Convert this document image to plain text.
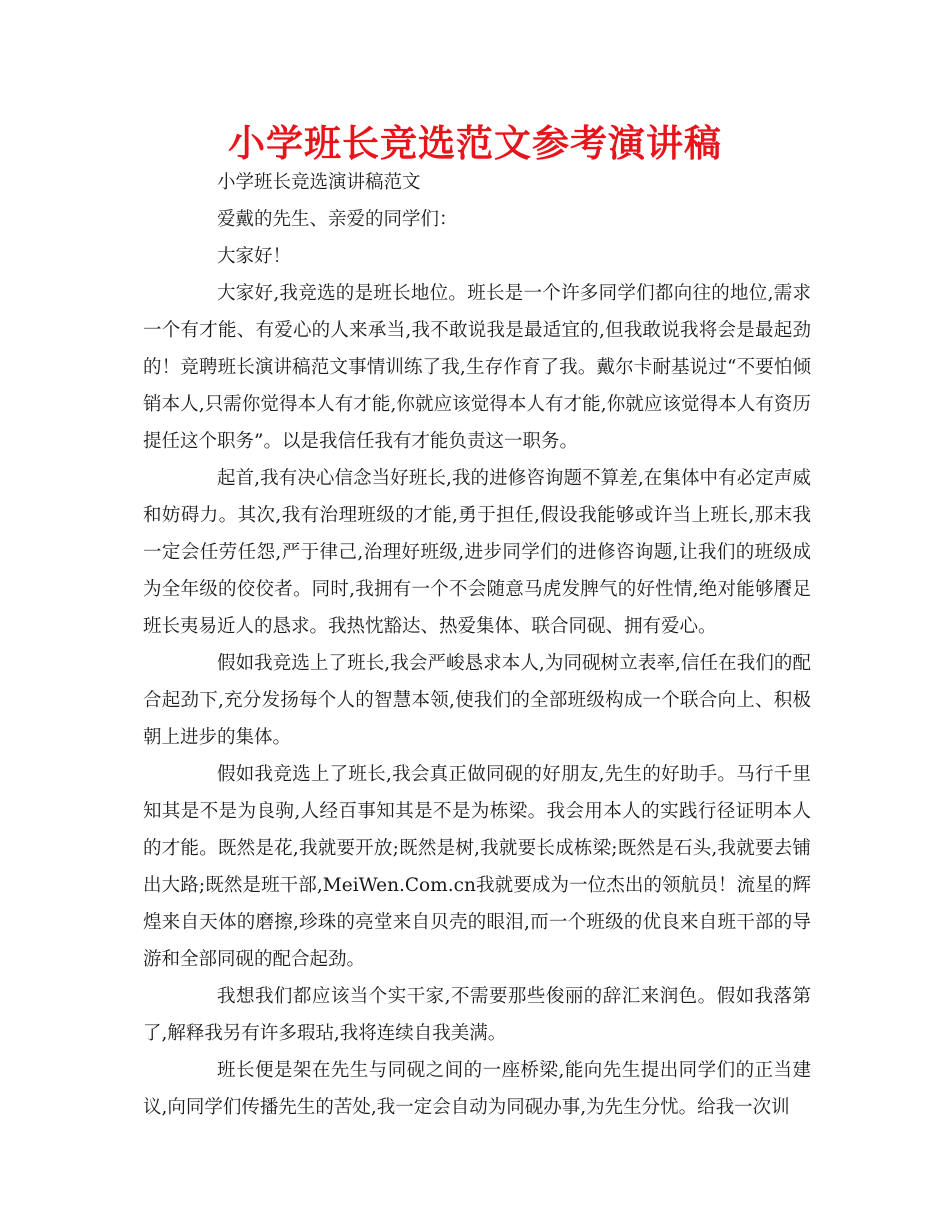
小学班长竞选范文参考演讲稿

小学班长竞选演讲稿范文

爱戴的先生、亲爱的同学们：

大家好！

大家好,我竞选的是班长地位。班长是一个许多同学们都向往的地位,需求一个有才能、有爱心的人来承当,我不敢说我是最适宜的,但我敢说我将会是最起劲的！竞聘班长演讲稿范文事情训练了我,生存作育了我。戴尔卡耐基说过“不要怕倾销本人,只需你觉得本人有才能,你就应该觉得本人有才能,你就应该觉得本人有资历提任这个职务”。以是我信任我有才能负责这一职务。

起首,我有决心信念当好班长,我的进修咨询题不算差,在集体中有必定声威和妨碍力。其次,我有治理班级的才能,勇于担任,假设我能够或许当上班长,那末我一定会任劳任怨,严于律己,治理好班级,进步同学们的进修咨询题,让我们的班级成为全年级的佼佼者。同时,我拥有一个不会随意马虎发脾气的好性情,绝对能够餍足班长夷易近人的恳求。我热忱豁达、热爱集体、联合同砚、拥有爱心。

假如我竞选上了班长,我会严峻恳求本人,为同砚树立表率,信任在我们的配合起劲下,充分发扬每个人的智慧本领,使我们的全部班级构成一个联合向上、积极朝上进步的集体。

假如我竞选上了班长,我会真正做同砚的好朋友,先生的好助手。马行千里知其是不是为良驹,人经百事知其是不是为栋梁。我会用本人的实践行径证明本人的才能。既然是花,我就要开放;既然是树,我就要长成栋梁;既然是石头,我就要去铺出大路;既然是班干部,MeiWen.Com.cn我就要成为一位杰出的领航员！流星的辉煌来自天体的磨擦,珍珠的亮堂来自贝壳的眼泪,而一个班级的优良来自班干部的导游和全部同砚的配合起劲。

我想我们都应该当个实干家,不需要那些俊丽的辞汇来润色。假如我落第了,解释我另有许多瑕玷,我将连续自我美满。

班长便是架在先生与同砚之间的一座桥梁,能向先生提出同学们的正当建议,向同学们传播先生的苦处,我一定会自动为同砚办事,为先生分忧。给我一次训
